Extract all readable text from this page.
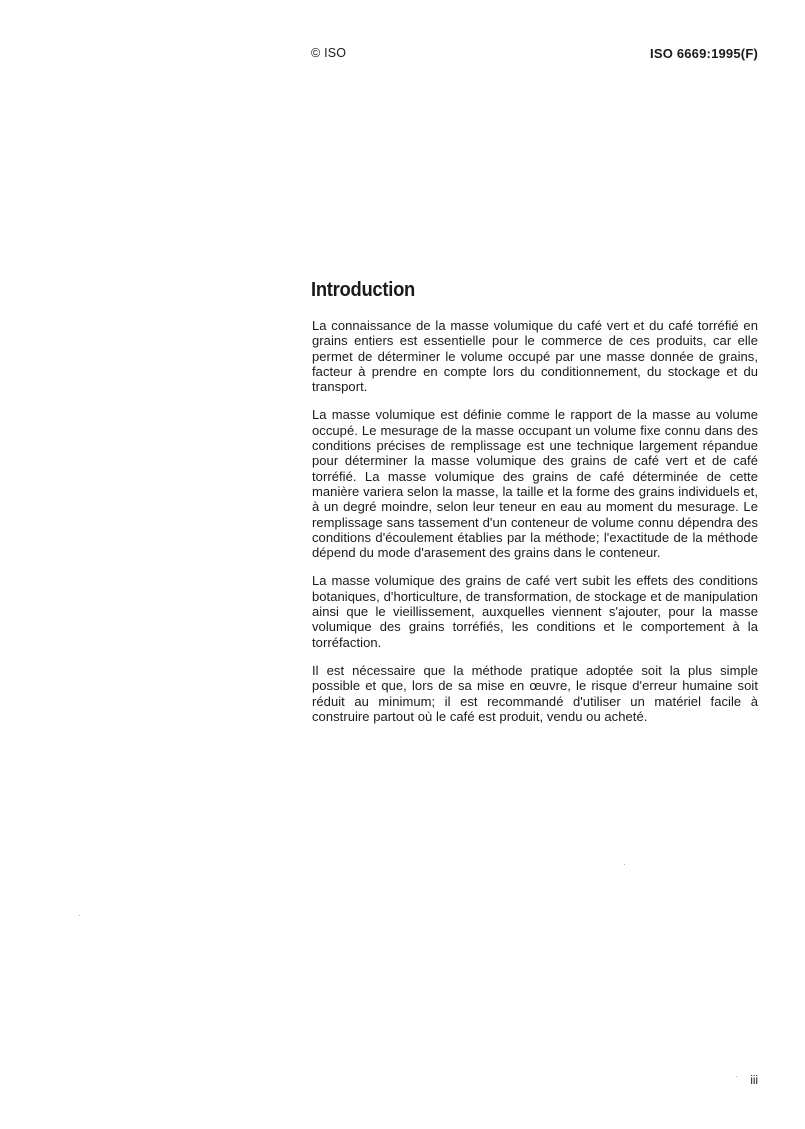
© ISO	ISO 6669:1995(F)
Introduction

La connaissance de la masse volumique du café vert et du café torréfié en grains entiers est essentielle pour le commerce de ces produits, car elle permet de déterminer le volume occupé par une masse donnée de grains, facteur à prendre en compte lors du conditionnement, du stockage et du transport.

La masse volumique est définie comme le rapport de la masse au volume occupé. Le mesurage de la masse occupant un volume fixe connu dans des conditions précises de remplissage est une technique largement répandue pour déterminer la masse volumique des grains de café vert et de café torréfié. La masse volumique des grains de café déterminée de cette manière variera selon la masse, la taille et la forme des grains individuels et, à un degré moindre, selon leur teneur en eau au moment du mesurage. Le remplissage sans tassement d'un conteneur de volume connu dépendra des conditions d'écoulement établies par la méthode; l'exactitude de la méthode dépend du mode d'arasement des grains dans le conteneur.

La masse volumique des grains de café vert subit les effets des conditions botaniques, d'horticulture, de transformation, de stockage et de manipulation ainsi que le vieillissement, auxquelles viennent s'ajouter, pour la masse volumique des grains torréfiés, les conditions et le comportement à la torréfaction.

Il est nécessaire que la méthode pratique adoptée soit la plus simple possible et que, lors de sa mise en œuvre, le risque d'erreur humaine soit réduit au minimum; il est recommandé d'utiliser un matériel facile à construire partout où le café est produit, vendu ou acheté.

iii
